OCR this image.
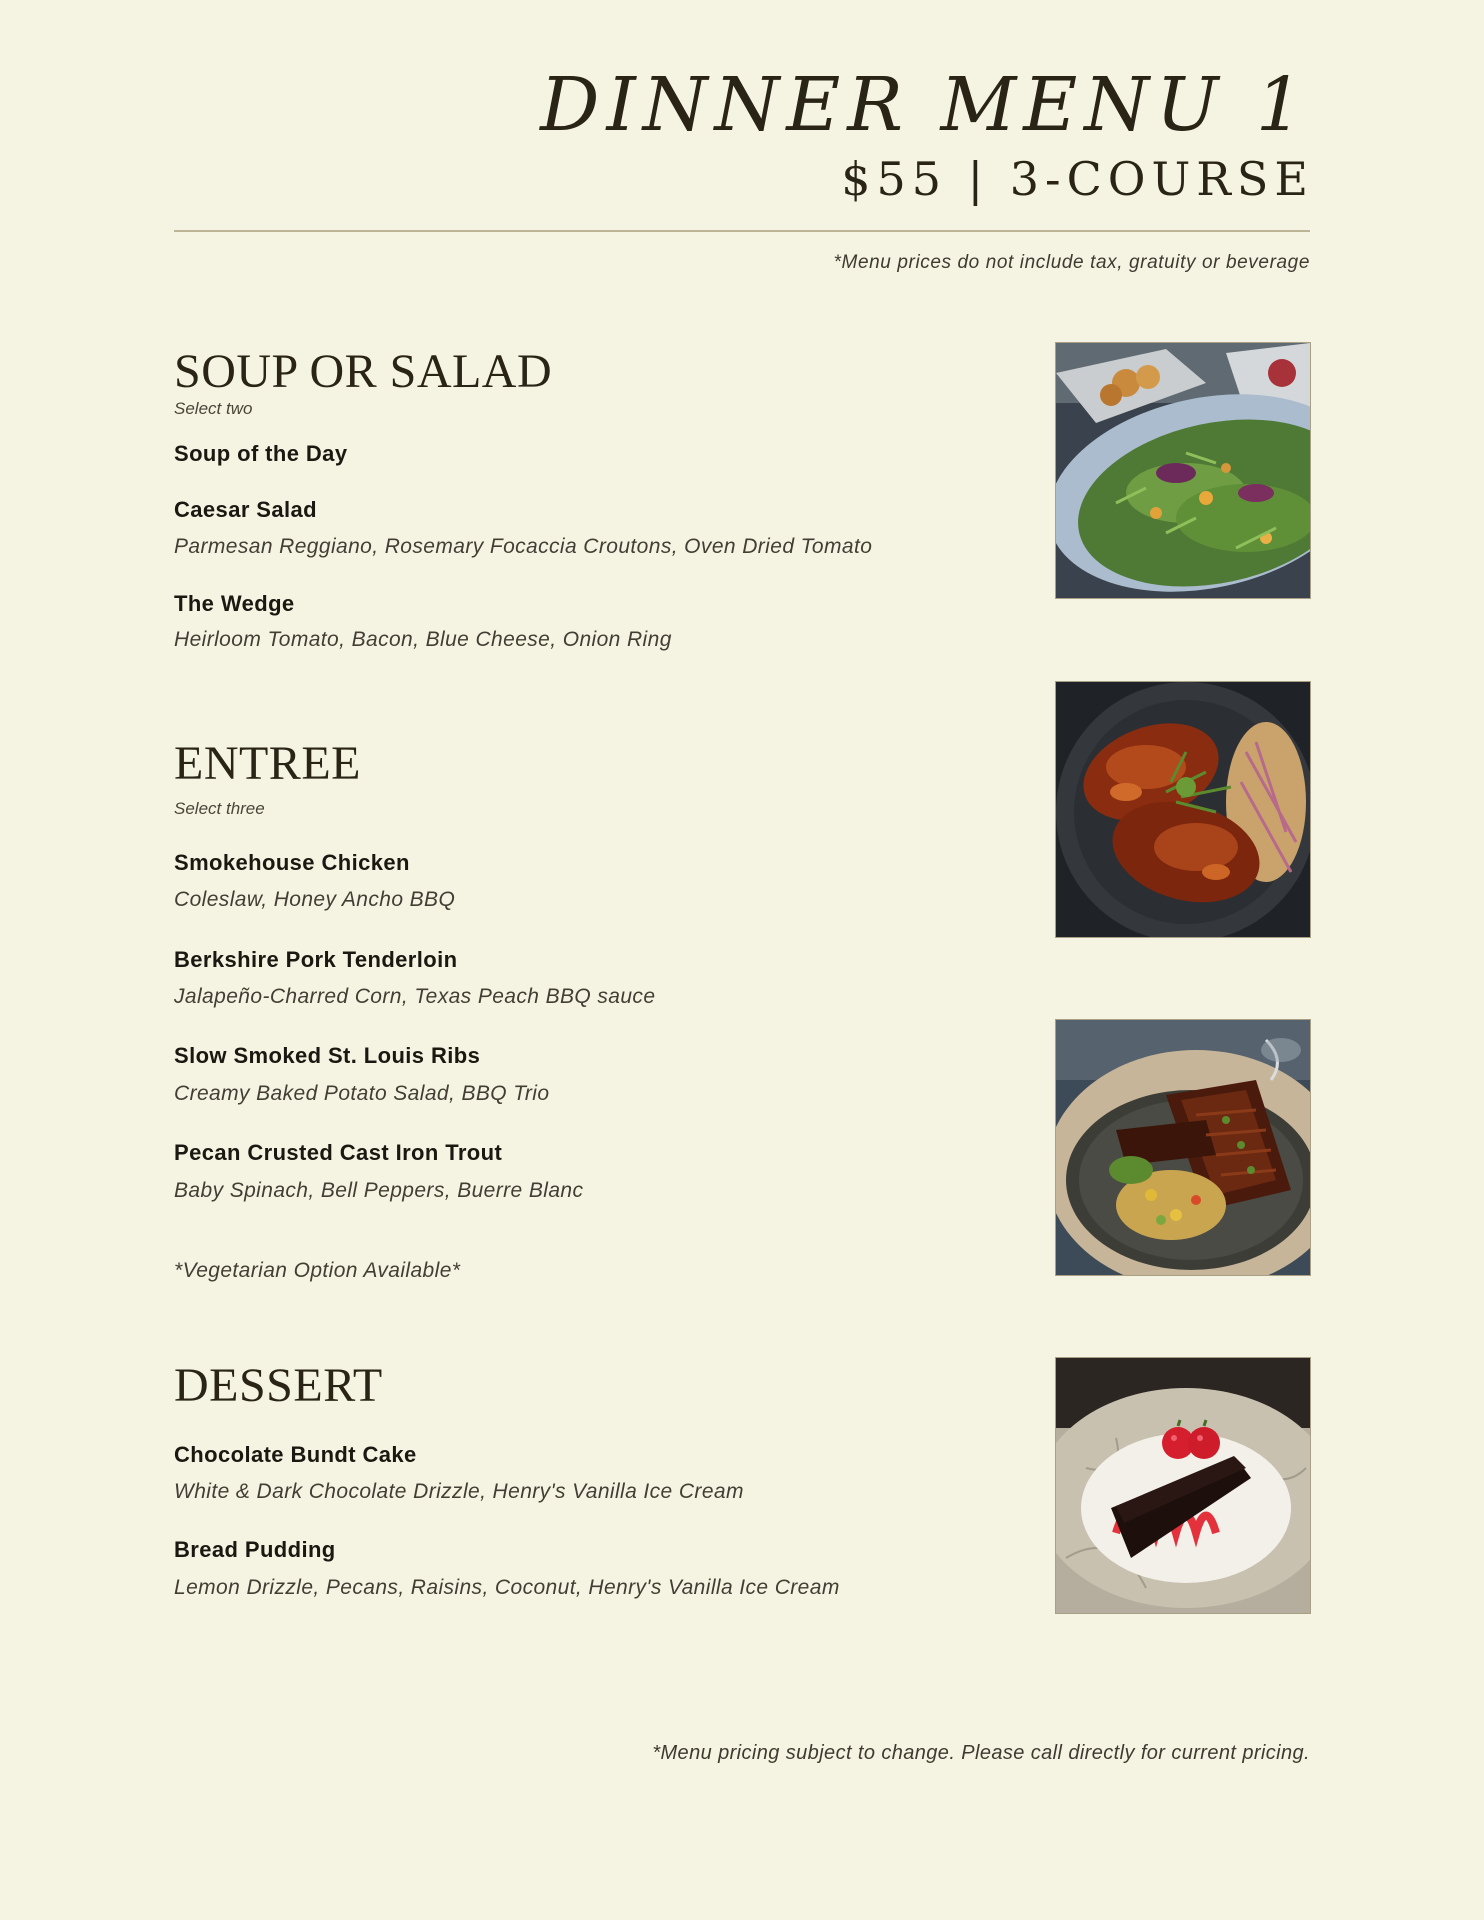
DINNER MENU 1
$55 | 3-COURSE
*Menu prices do not include tax, gratuity or beverage
SOUP OR SALAD
Select two
Soup of the Day
Caesar Salad
Parmesan Reggiano, Rosemary Focaccia Croutons, Oven Dried Tomato
The Wedge
Heirloom Tomato, Bacon, Blue Cheese, Onion Ring
ENTREE
Select three
Smokehouse Chicken
Coleslaw, Honey Ancho BBQ
Berkshire Pork Tenderloin
Jalapeño-Charred Corn, Texas Peach BBQ sauce
Slow Smoked St. Louis Ribs
Creamy Baked Potato Salad, BBQ Trio
Pecan Crusted Cast Iron Trout
Baby Spinach, Bell Peppers, Buerre Blanc
*Vegetarian Option Available*
DESSERT
Chocolate Bundt Cake
White & Dark Chocolate Drizzle, Henry's Vanilla Ice Cream
Bread Pudding
Lemon Drizzle, Pecans, Raisins, Coconut, Henry's Vanilla Ice Cream
*Menu pricing subject to change. Please call directly for current pricing.
